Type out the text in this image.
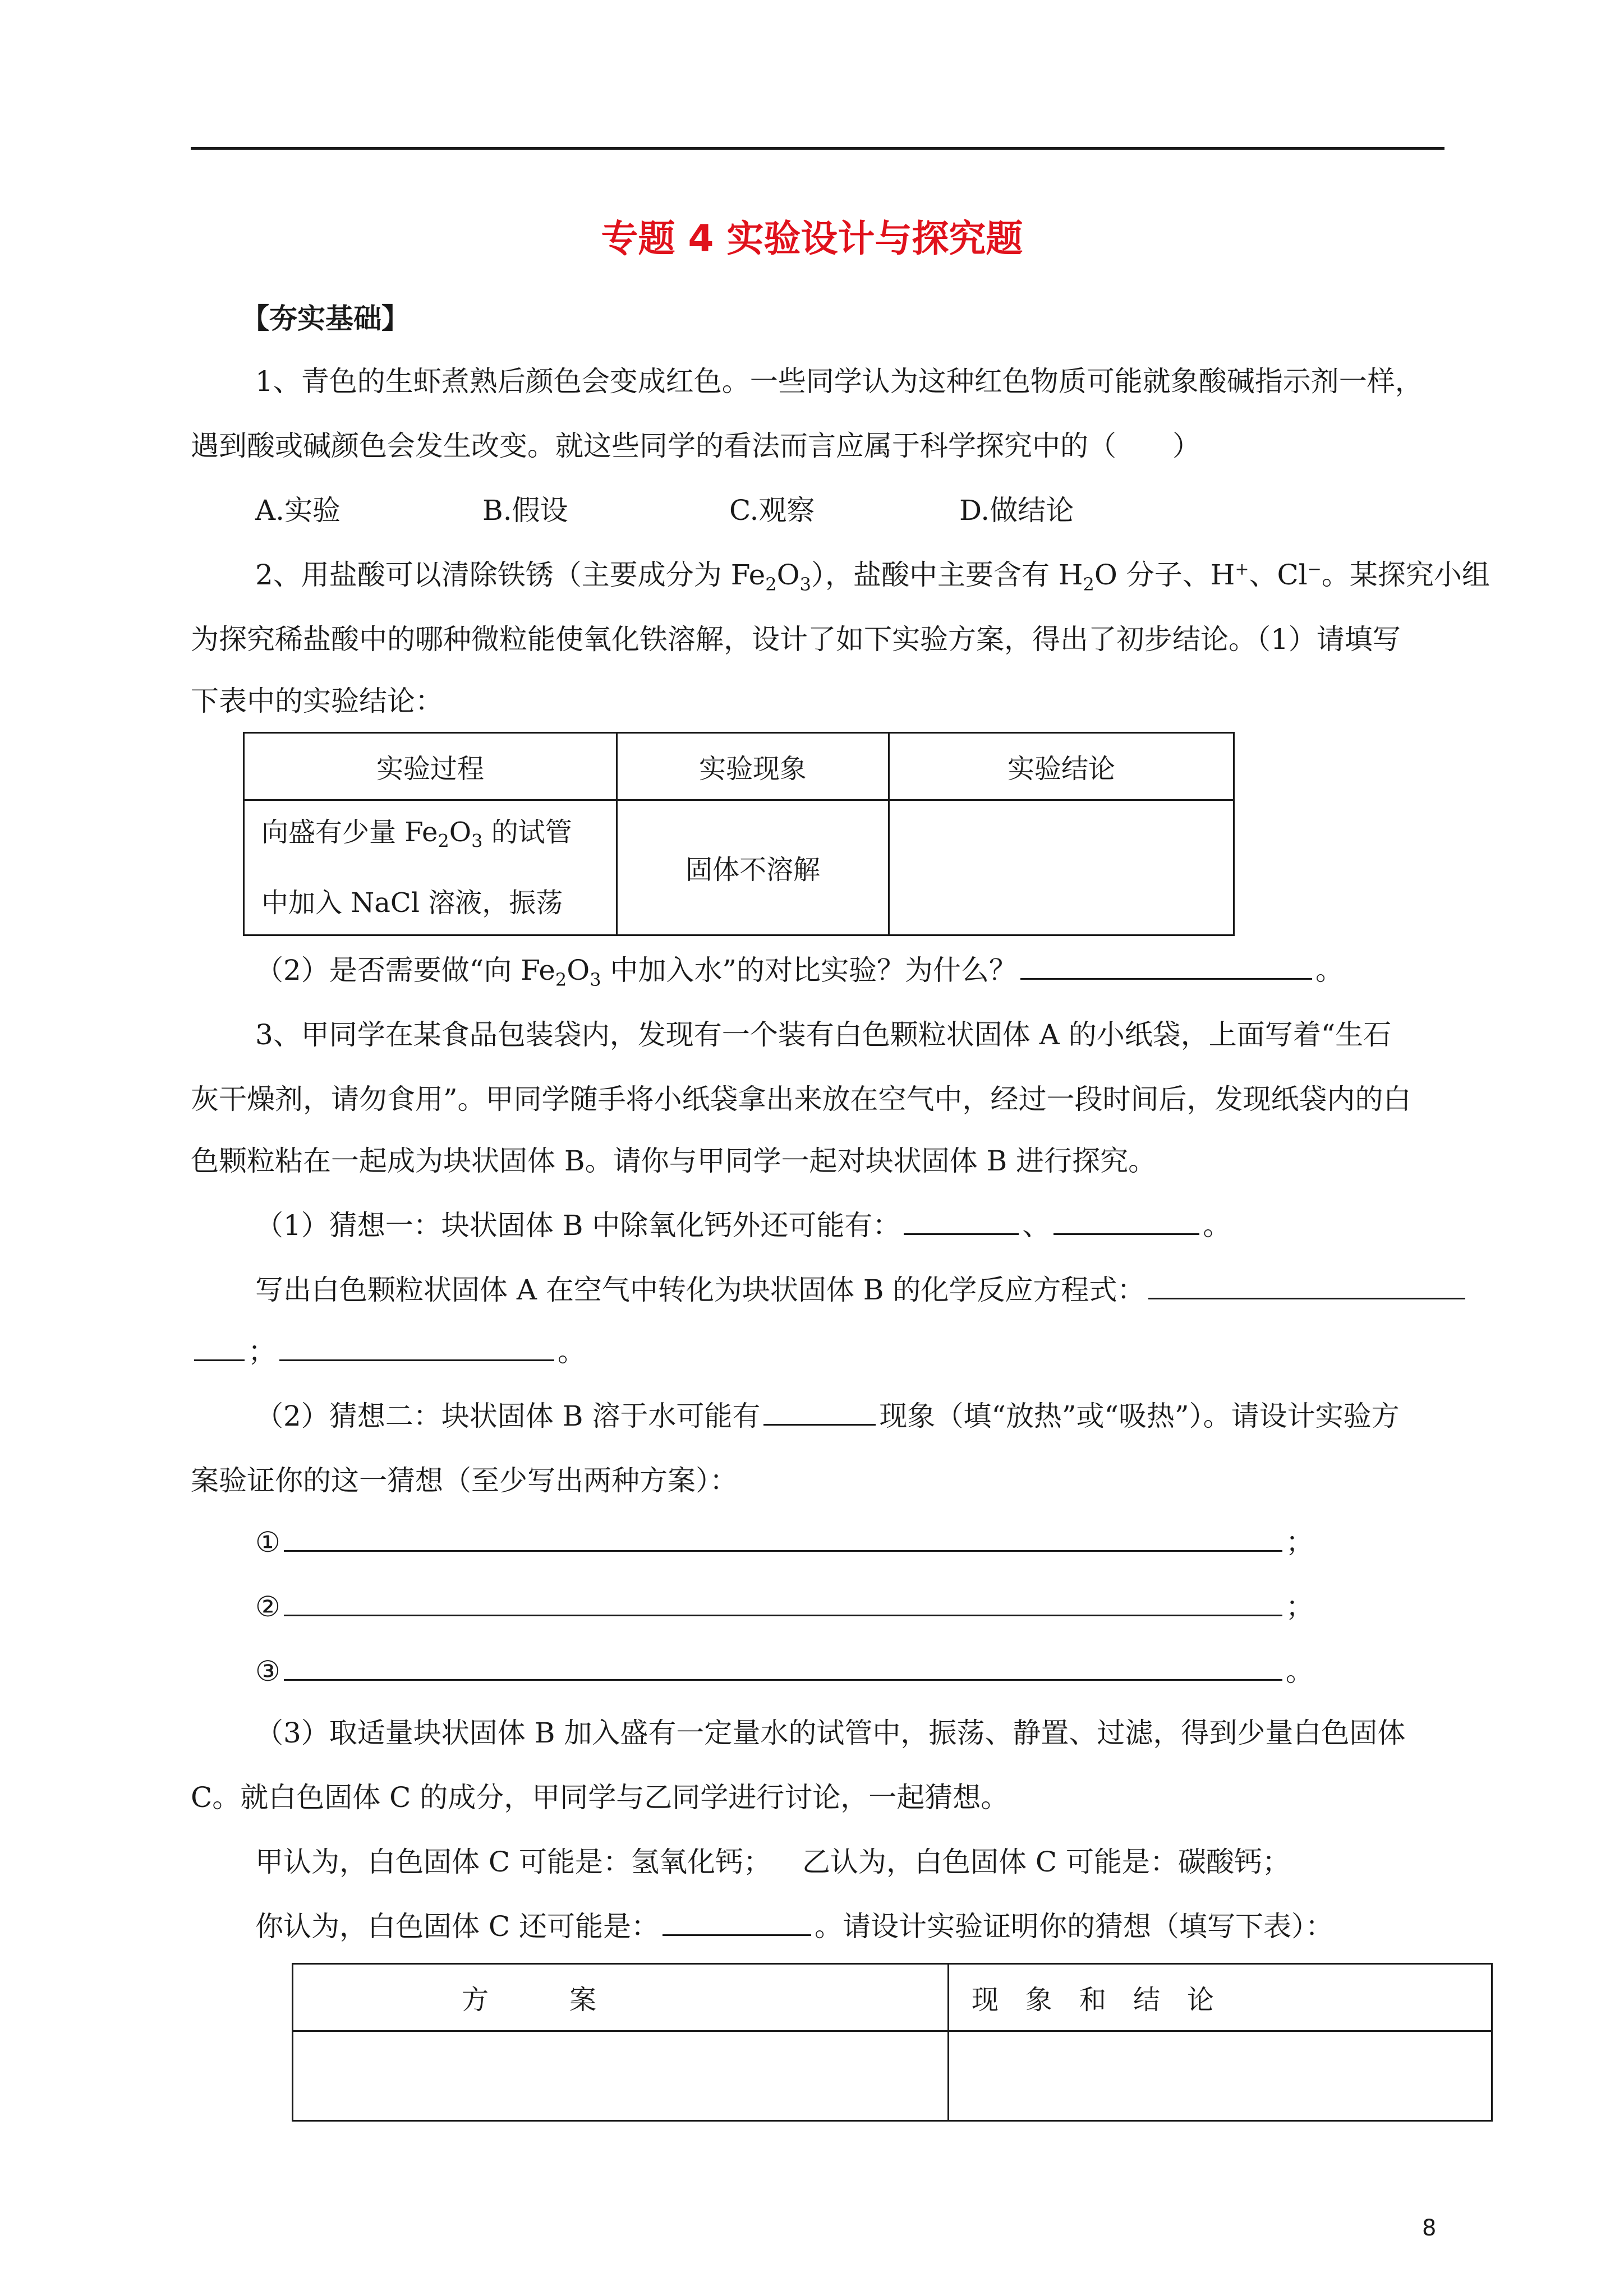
专题 4 实验设计与探究题
【夯实基础】
1、青色的生虾煮熟后颜色会变成红色。一些同学认为这种红色物质可能就象酸碱指示剂一样，
遇到酸或碱颜色会发生改变。就这些同学的看法而言应属于科学探究中的（　　）
A.实验	B.假设	C.观察	D.做结论
2、用盐酸可以清除铁锈（主要成分为 $Fe_2O_3$），盐酸中主要含有 $H_2O$ 分子、H+、Cl−。某探究小组
为探究稀盐酸中的哪种微粒能使氧化铁溶解，设计了如下实验方案，得出了初步结论。（1）请填写
下表中的实验结论：
实验过程	实验现象	实验结论

向盛有少量 $Fe_2O_3$ 的试管
中加入 NaCl 溶液，振荡	固体不溶解	
（2）是否需要做“向 $Fe_2O_3$ 中加入水”的对比实验？为什么？	。
3、甲同学在某食品包装袋内，发现有一个装有白色颗粒状固体 A 的小纸袋，上面写着“生石
灰干燥剂，请勿食用”。甲同学随手将小纸袋拿出来放在空气中，经过一段时间后，发现纸袋内的白
色颗粒粘在一起成为块状固体 B。请你与甲同学一起对块状固体 B 进行探究。
（1）猜想一：块状固体 B 中除氧化钙外还可能有：	、	。
写出白色颗粒状固体 A 在空气中转化为块状固体 B 的化学反应方程式：
；	。
（2）猜想二：块状固体 B 溶于水可能有	现象（填“放热”或“吸热”）。请设计实验方
案验证你的这一猜想（至少写出两种方案）：
①	；
②	；
③	。
（3）取适量块状固体 B 加入盛有一定量水的试管中，振荡、静置、过滤，得到少量白色固体
C。就白色固体 C 的成分，甲同学与乙同学进行讨论，一起猜想。
甲认为，白色固体 C 可能是：氢氧化钙； 乙认为，白色固体 C 可能是：碳酸钙；
你认为，白色固体 C 还可能是：	。请设计实验证明你的猜想（填写下表）：
方　　　案	现　象　和　结　论

8
